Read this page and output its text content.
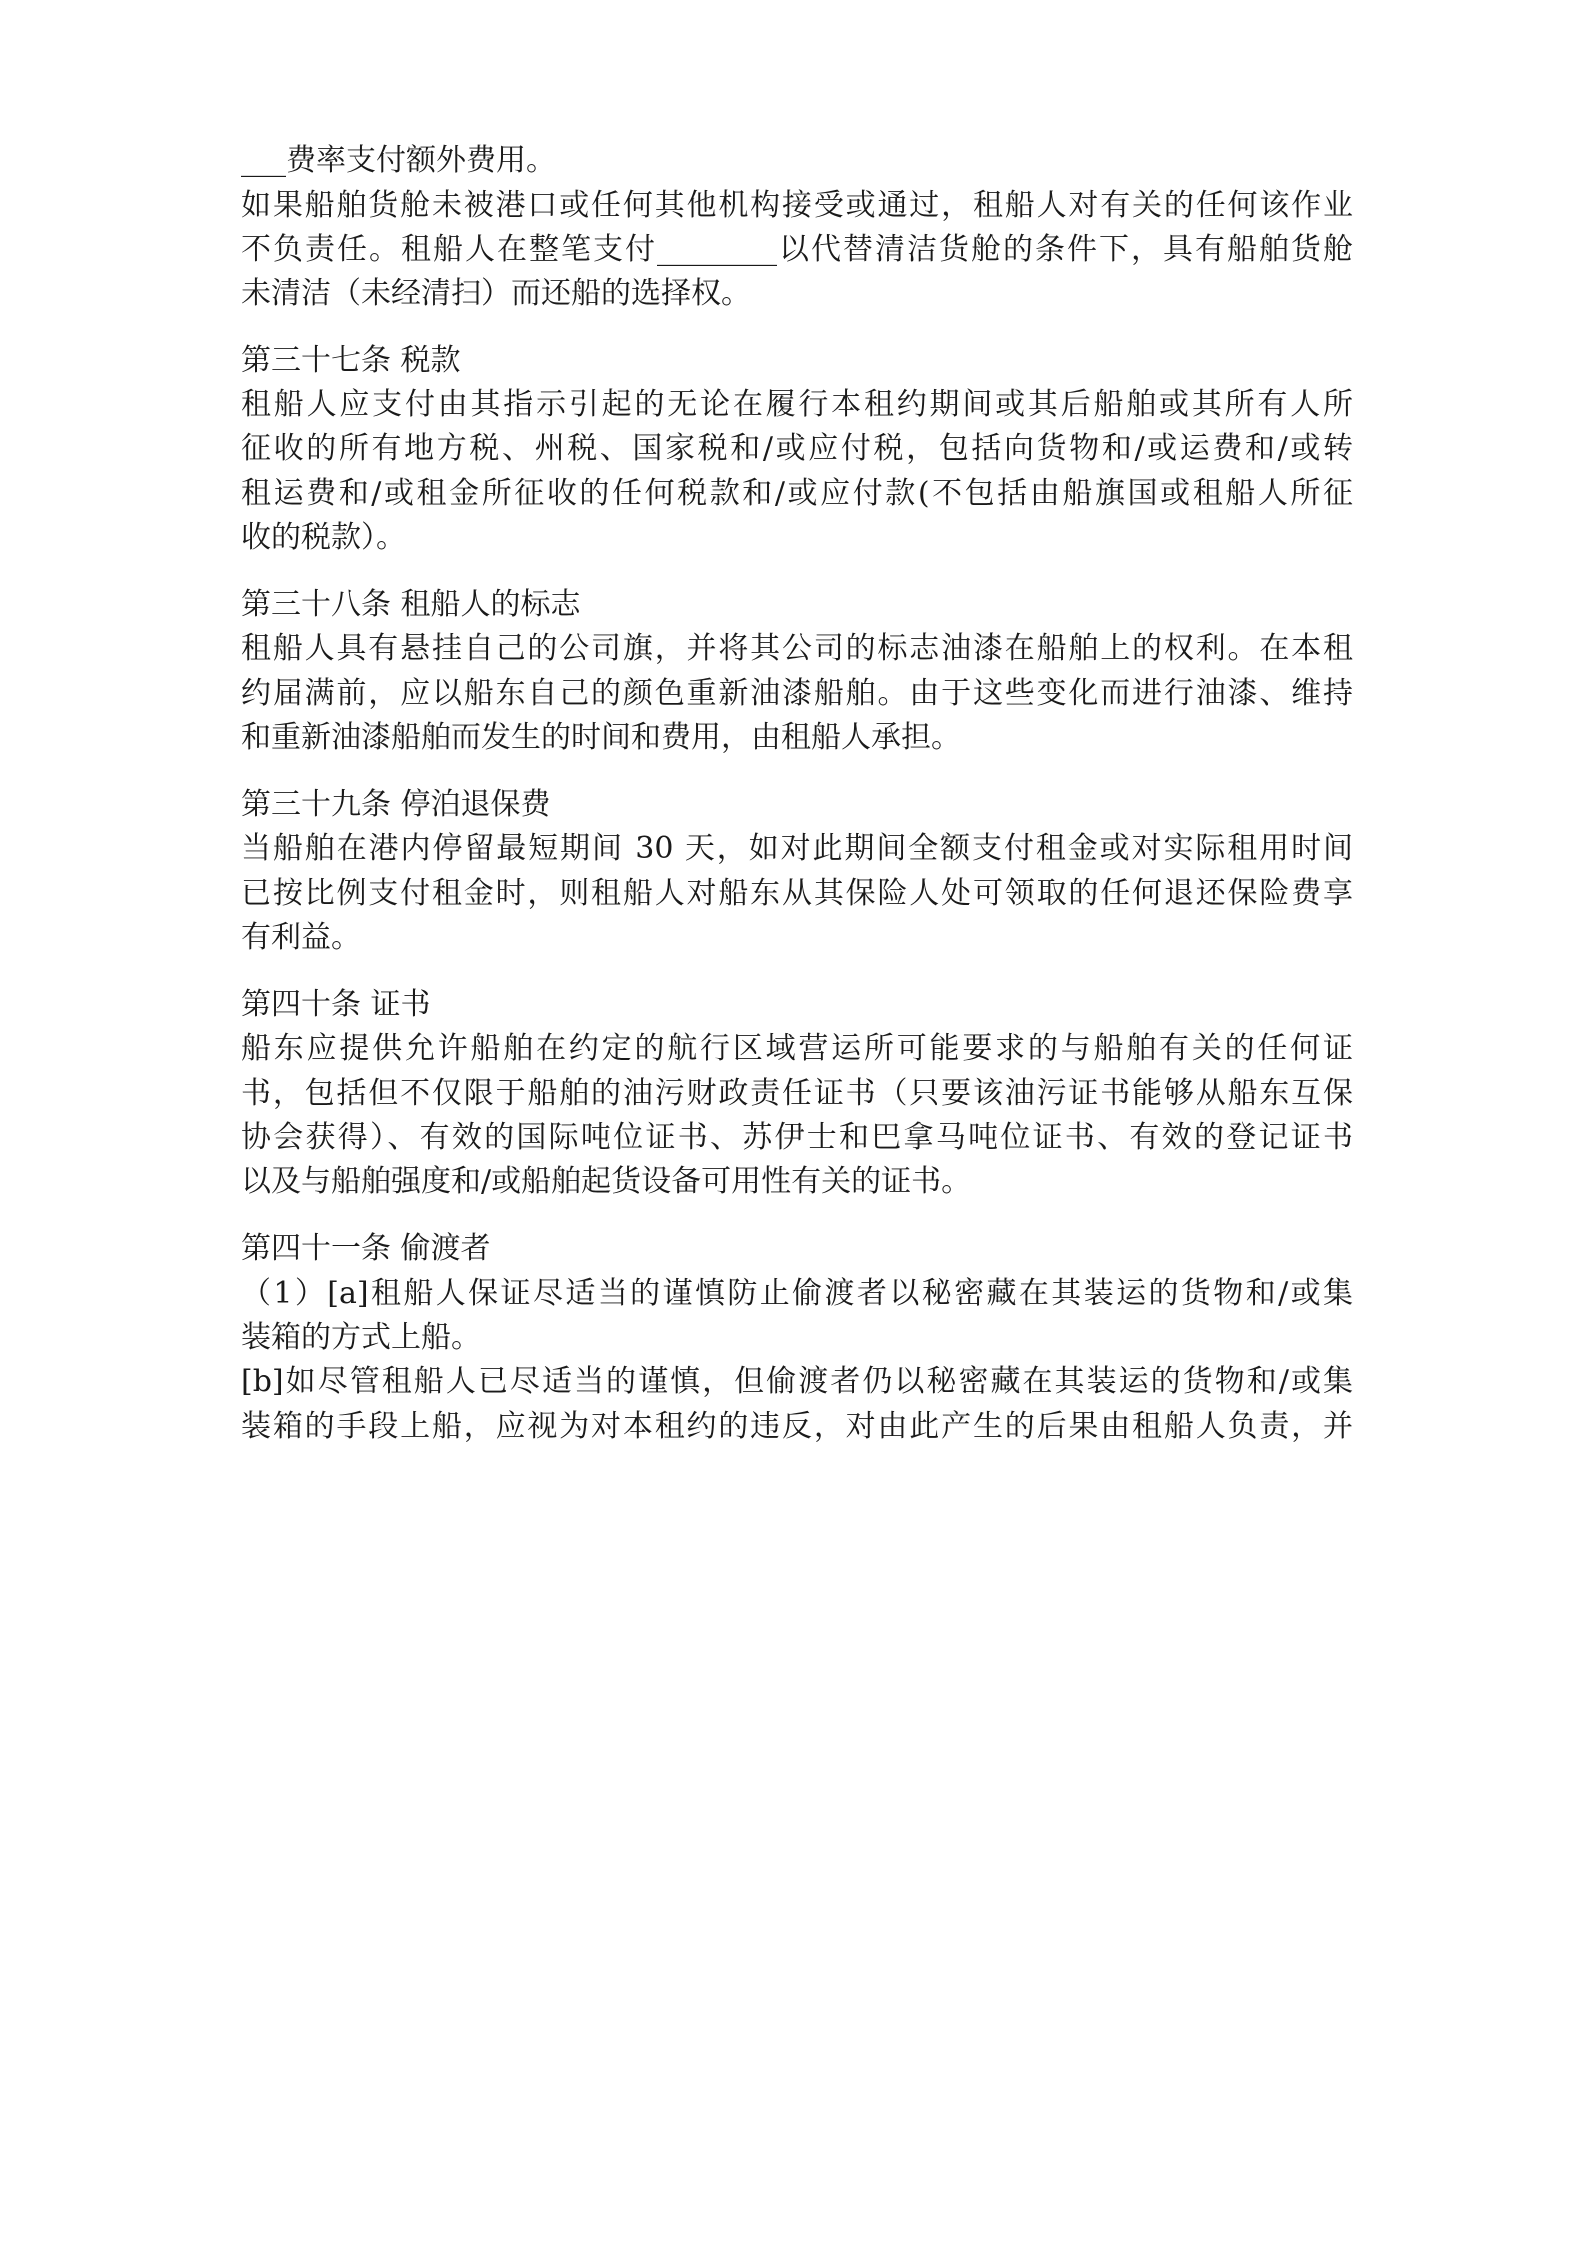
___费率支付额外费用。
如果船舶货舱未被港口或任何其他机构接受或通过，租船人对有关的任何该作业
不负责任。租船人在整笔支付________以代替清洁货舱的条件下，具有船舶货舱
未清洁（未经清扫）而还船的选择权。
第三十七条 税款
租船人应支付由其指示引起的无论在履行本租约期间或其后船舶或其所有人所
征收的所有地方税、州税、国家税和/或应付税，包括向货物和/或运费和/或转
租运费和/或租金所征收的任何税款和/或应付款(不包括由船旗国或租船人所征
收的税款）。
第三十八条 租船人的标志
租船人具有悬挂自己的公司旗，并将其公司的标志油漆在船舶上的权利。在本租
约届满前，应以船东自己的颜色重新油漆船舶。由于这些变化而进行油漆、维持
和重新油漆船舶而发生的时间和费用，由租船人承担。
第三十九条 停泊退保费
当船舶在港内停留最短期间 30 天，如对此期间全额支付租金或对实际租用时间
已按比例支付租金时，则租船人对船东从其保险人处可领取的任何退还保险费享
有利益。
第四十条 证书
船东应提供允许船舶在约定的航行区域营运所可能要求的与船舶有关的任何证
书，包括但不仅限于船舶的油污财政责任证书（只要该油污证书能够从船东互保
协会获得）、有效的国际吨位证书、苏伊士和巴拿马吨位证书、有效的登记证书
以及与船舶强度和/或船舶起货设备可用性有关的证书。
第四十一条 偷渡者
（1）[a]租船人保证尽适当的谨慎防止偷渡者以秘密藏在其装运的货物和/或集
装箱的方式上船。
[b]如尽管租船人已尽适当的谨慎，但偷渡者仍以秘密藏在其装运的货物和/或集
装箱的手段上船，应视为对本租约的违反，对由此产生的后果由租船人负责，并
